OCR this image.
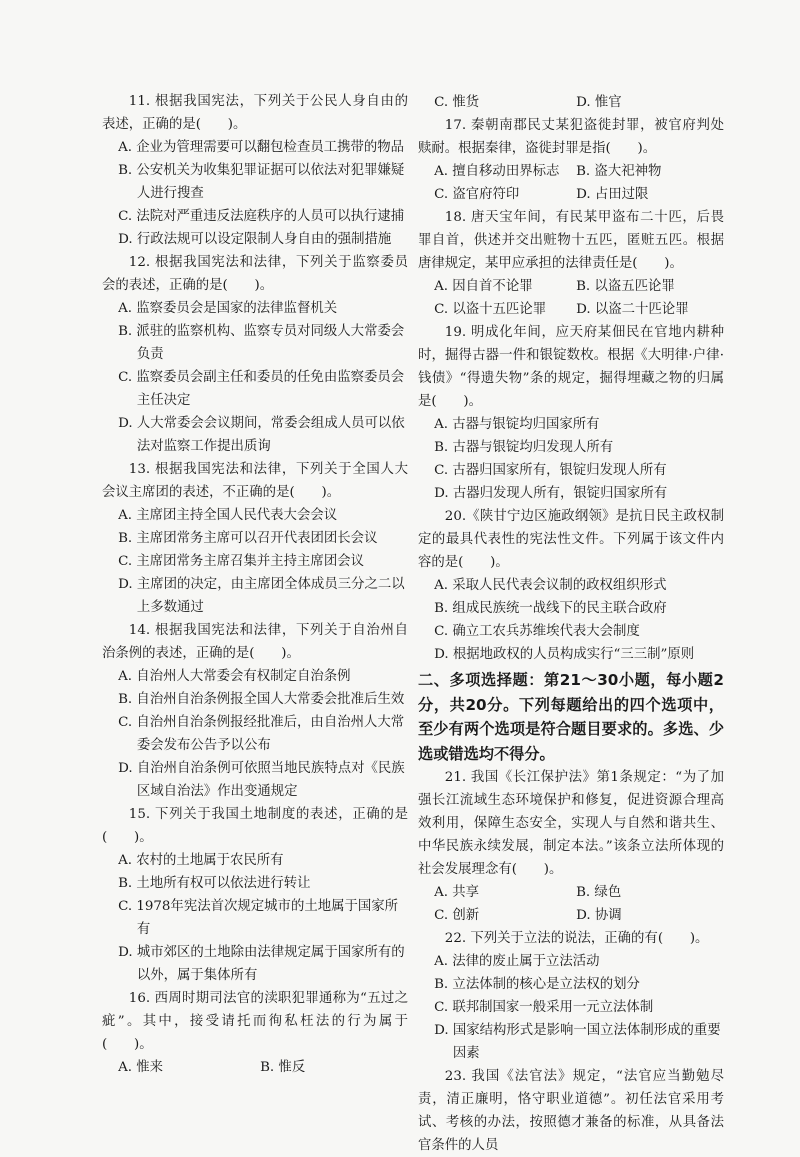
11. 根据我国宪法，下列关于公民人身自由的表述，正确的是(　　)。

A. 企业为管理需要可以翻包检查员工携带的物品

B. 公安机关为收集犯罪证据可以依法对犯罪嫌疑人进行搜查

C. 法院对严重违反法庭秩序的人员可以执行逮捕

D. 行政法规可以设定限制人身自由的强制措施

12. 根据我国宪法和法律，下列关于监察委员会的表述，正确的是(　　)。

A. 监察委员会是国家的法律监督机关

B. 派驻的监察机构、监察专员对同级人大常委会负责

C. 监察委员会副主任和委员的任免由监察委员会主任决定

D. 人大常委会会议期间，常委会组成人员可以依法对监察工作提出质询

13. 根据我国宪法和法律，下列关于全国人大会议主席团的表述，不正确的是(　　)。

A. 主席团主持全国人民代表大会会议

B. 主席团常务主席可以召开代表团团长会议

C. 主席团常务主席召集并主持主席团会议

D. 主席团的决定，由主席团全体成员三分之二以上多数通过

14. 根据我国宪法和法律，下列关于自治州自治条例的表述，正确的是(　　)。

A. 自治州人大常委会有权制定自治条例

B. 自治州自治条例报全国人大常委会批准后生效

C. 自治州自治条例报经批准后，由自治州人大常委会发布公告予以公布

D. 自治州自治条例可依照当地民族特点对《民族区域自治法》作出变通规定

15. 下列关于我国土地制度的表述，正确的是(　　)。

A. 农村的土地属于农民所有

B. 土地所有权可以依法进行转让

C. 1978年宪法首次规定城市的土地属于国家所有

D. 城市郊区的土地除由法律规定属于国家所有的以外，属于集体所有

16. 西周时期司法官的渎职犯罪通称为“五过之疵”。其中，接受请托而徇私枉法的行为属于(　　)。

A. 惟来	B. 惟反
C. 惟货	D. 惟官

17. 秦朝南郡民丈某犯盗徙封罪，被官府判处赎耐。根据秦律，盗徙封罪是指(　　)。

A. 擅自移动田界标志	B. 盗大祀神物
C. 盗官府符印	D. 占田过限

18. 唐天宝年间，有民某甲盗布二十匹，后畏罪自首，供述并交出赃物十五匹，匿赃五匹。根据唐律规定，某甲应承担的法律责任是(　　)。

A. 因自首不论罪	B. 以盗五匹论罪
C. 以盗十五匹论罪	D. 以盗二十匹论罪

19. 明成化年间，应天府某佃民在官地内耕种时，掘得古器一件和银锭数枚。根据《大明律·户律·钱债》“得遗失物”条的规定，掘得埋藏之物的归属是(　　)。

A. 古器与银锭均归国家所有

B. 古器与银锭均归发现人所有

C. 古器归国家所有，银锭归发现人所有

D. 古器归发现人所有，银锭归国家所有

20.《陕甘宁边区施政纲领》是抗日民主政权制定的最具代表性的宪法性文件。下列属于该文件内容的是(　　)。

A. 采取人民代表会议制的政权组织形式

B. 组成民族统一战线下的民主联合政府

C. 确立工农兵苏维埃代表大会制度

D. 根据地政权的人员构成实行“三三制”原则

二、多项选择题：第21～30小题，每小题2分，共20分。下列每题给出的四个选项中，至少有两个选项是符合题目要求的。多选、少选或错选均不得分。

21. 我国《长江保护法》第1条规定：“为了加强长江流域生态环境保护和修复，促进资源合理高效利用，保障生态安全，实现人与自然和谐共生、中华民族永续发展，制定本法。”该条立法所体现的社会发展理念有(　　)。

A. 共享	B. 绿色
C. 创新	D. 协调

22. 下列关于立法的说法，正确的有(　　)。

A. 法律的废止属于立法活动

B. 立法体制的核心是立法权的划分

C. 联邦制国家一般采用一元立法体制

D. 国家结构形式是影响一国立法体制形成的重要因素

23. 我国《法官法》规定，“法官应当勤勉尽责，清正廉明，恪守职业道德”。初任法官采用考试、考核的办法，按照德才兼备的标准，从具备法官条件的人员
